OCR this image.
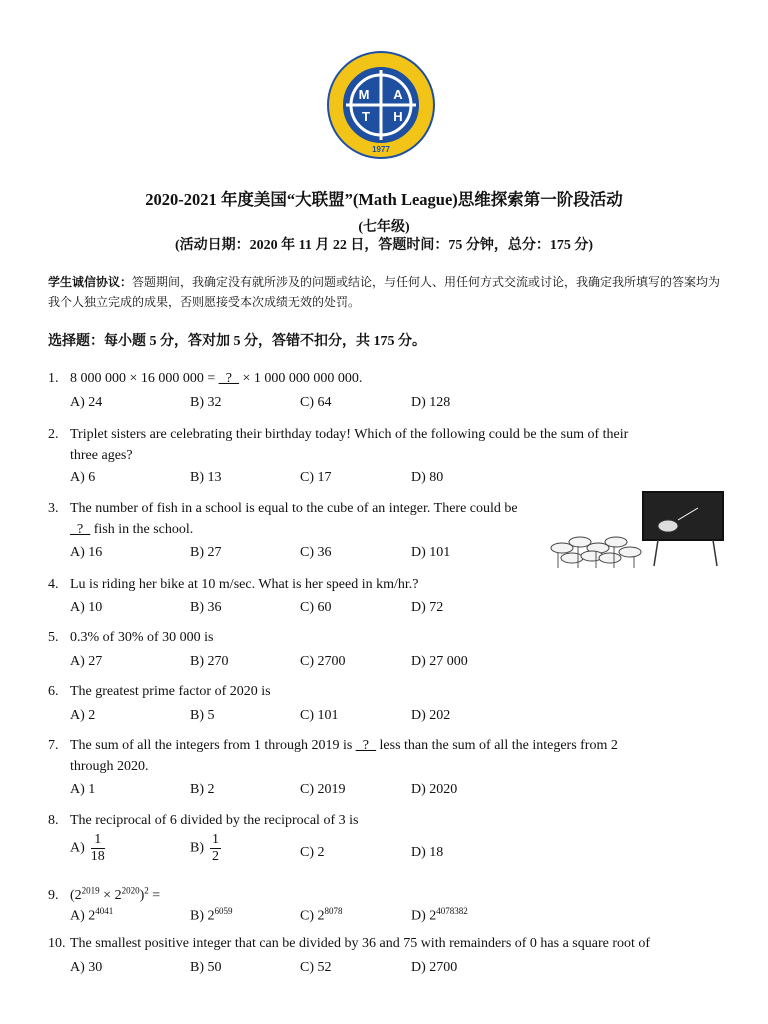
M A
T H
1977
2020-2021 年度美国“大联盟”(Math League)思维探索第一阶段活动
(七年级)
(活动日期：2020 年 11 月 22 日，答题时间：75 分钟，总分：175 分)
学生诚信协议：答题期间，我确定没有就所涉及的问题或结论，与任何人、用任何方式交流或讨论，我确定我所填写的答案均为我个人独立完成的成果，否则愿接受本次成绩无效的处罚。
选择题：每小题 5 分，答对加 5 分，答错不扣分，共 175 分。
1. 8 000 000 × 16 000 000 = _?_ × 1 000 000 000 000.
A) 24	B) 32	C) 64	D) 128
2. Triplet sisters are celebrating their birthday today! Which of the following could be the sum of their
three ages?
A) 6	B) 13	C) 17	D) 80
3. The number of fish in a school is equal to the cube of an integer. There could be
_?_ fish in the school.
A) 16	B) 27	C) 36	D) 101
4. Lu is riding her bike at 10 m/sec. What is her speed in km/hr.?
A) 10	B) 36	C) 60	D) 72
5. 0.3% of 30% of 30 000 is
A) 27	B) 270	C) 2700	D) 27 000
6. The greatest prime factor of 2020 is
A) 2	B) 5	C) 101	D) 202
7. The sum of all the integers from 1 through 2019 is _?_ less than the sum of all the integers from 2
through 2020.
A) 1	B) 2	C) 2019	D) 2020
8. The reciprocal of 6 divided by the reciprocal of 3 is
$A) \frac{1}{18}$	$B) \frac{1}{2}$	C) 2	D) 18
9. $(2^{2019} \times 2^{2020})^2$ =
A) $2^{4041}$	B) $2^{6059}$	C) $2^{8078}$	D) $2^{4078382}$
10. The smallest positive integer that can be divided by 36 and 75 with remainders of 0 has a square root of
A) 30	B) 50	C) 52	D) 2700
